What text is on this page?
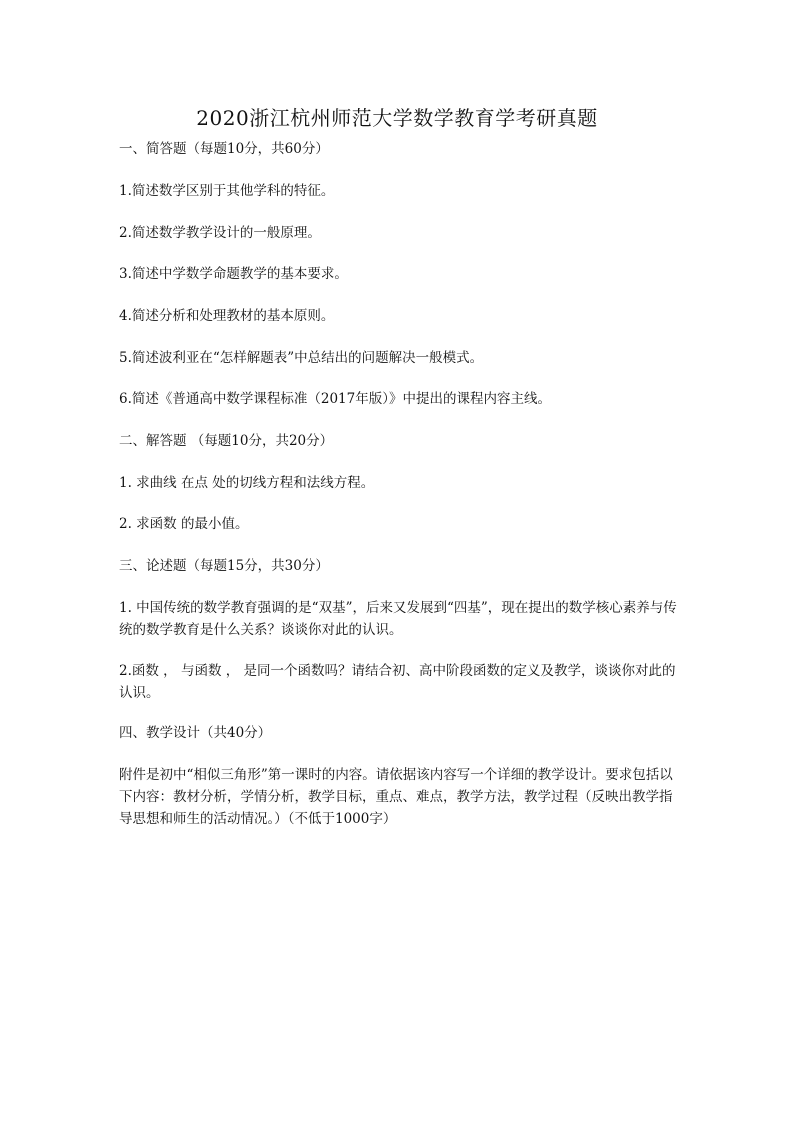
2020浙江杭州师范大学数学教育学考研真题
一、简答题（每题10分，共60分）
1.简述数学区别于其他学科的特征。
2.简述数学教学设计的一般原理。
3.简述中学数学命题教学的基本要求。
4.简述分析和处理教材的基本原则。
5.简述波利亚在“怎样解题表”中总结出的问题解决一般模式。
6.简述《普通高中数学课程标准（2017年版）》中提出的课程内容主线。
二、解答题 （每题10分，共20分）
1. 求曲线 在点 处的切线方程和法线方程。
2. 求函数 的最小值。
三、论述题（每题15分，共30分）
1. 中国传统的数学教育强调的是“双基”，后来又发展到“四基”，现在提出的数学核心素养与传统的数学教育是什么关系？谈谈你对此的认识。
2.函数 ， 与函数 ， 是同一个函数吗？请结合初、高中阶段函数的定义及教学，谈谈你对此的认识。
四、教学设计（共40分）
附件是初中“相似三角形”第一课时的内容。请依据该内容写一个详细的教学设计。要求包括以下内容：教材分析，学情分析，教学目标，重点、难点，教学方法，教学过程（反映出教学指导思想和师生的活动情况。）（不低于1000字）
